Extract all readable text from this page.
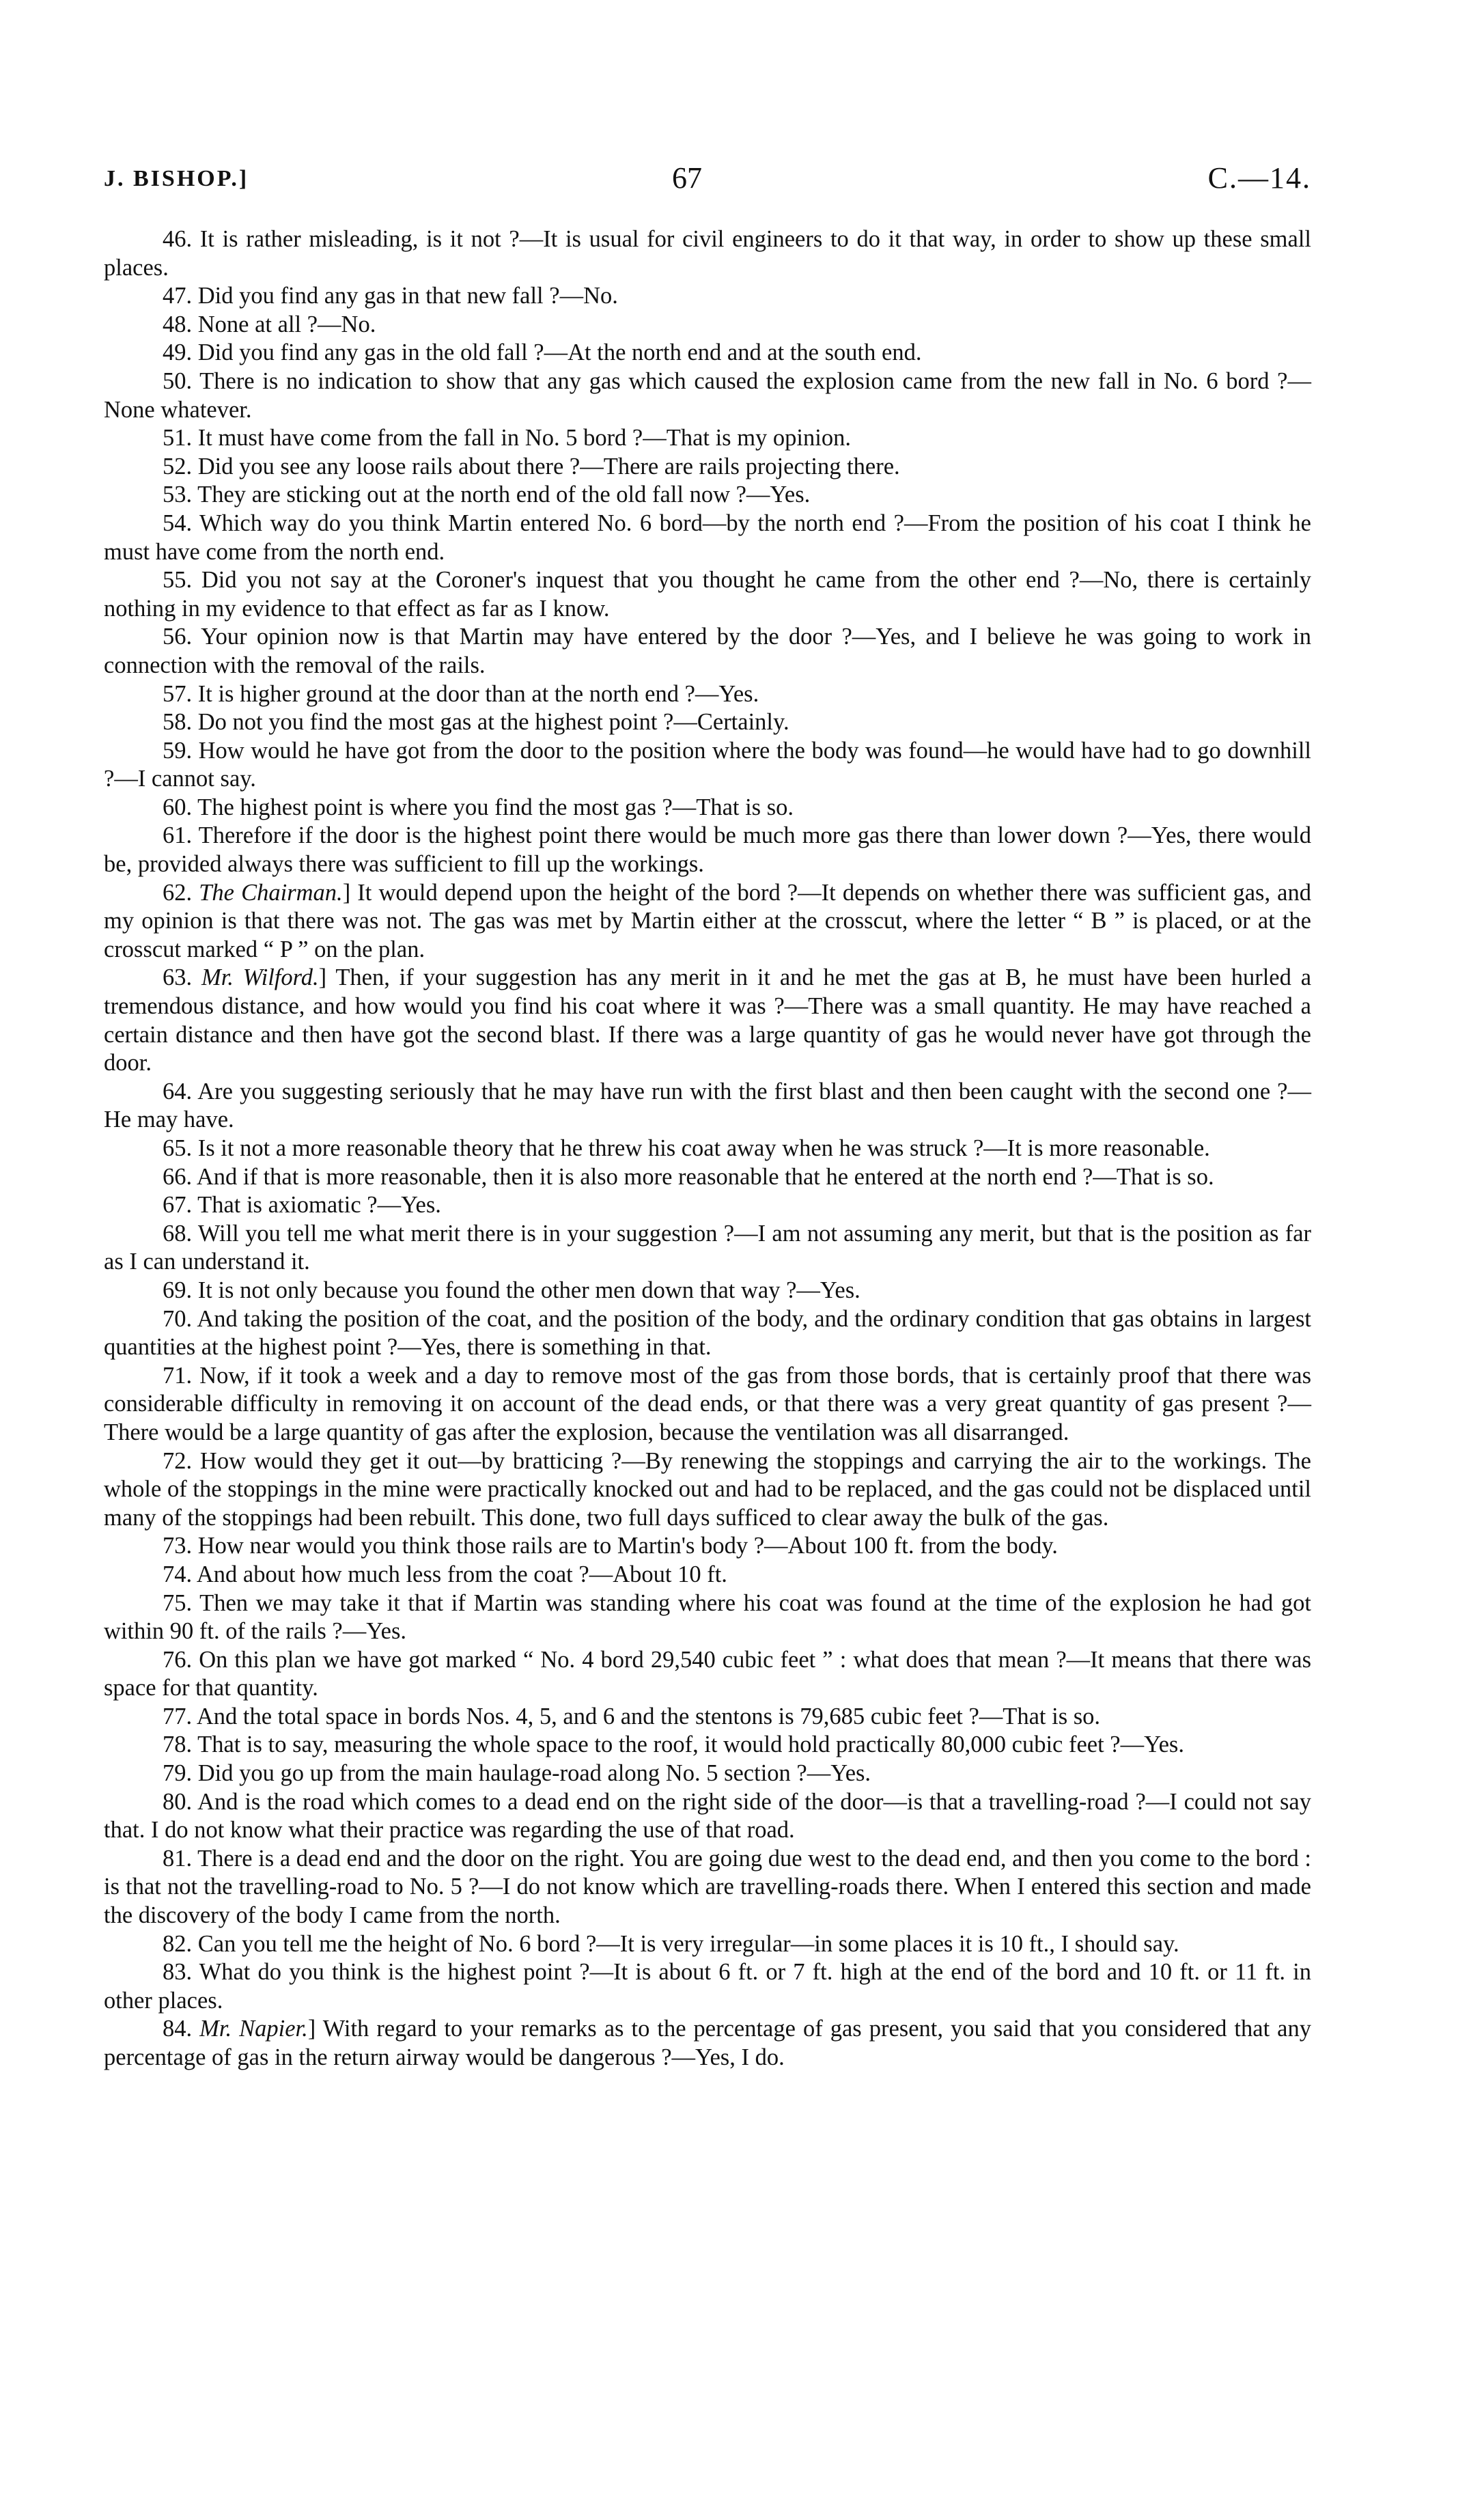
J. BISHOP.]	67	C.—14.

46. It is rather misleading, is it not ?—It is usual for civil engineers to do it that way, in order to show up these small places.

47. Did you find any gas in that new fall ?—No.

48. None at all ?—No.

49. Did you find any gas in the old fall ?—At the north end and at the south end.

50. There is no indication to show that any gas which caused the explosion came from the new fall in No. 6 bord ?—None whatever.

51. It must have come from the fall in No. 5 bord ?—That is my opinion.

52. Did you see any loose rails about there ?—There are rails projecting there.

53. They are sticking out at the north end of the old fall now ?—Yes.

54. Which way do you think Martin entered No. 6 bord—by the north end ?—From the position of his coat I think he must have come from the north end.

55. Did you not say at the Coroner's inquest that you thought he came from the other end ?—No, there is certainly nothing in my evidence to that effect as far as I know.

56. Your opinion now is that Martin may have entered by the door ?—Yes, and I believe he was going to work in connection with the removal of the rails.

57. It is higher ground at the door than at the north end ?—Yes.

58. Do not you find the most gas at the highest point ?—Certainly.

59. How would he have got from the door to the position where the body was found—he would have had to go downhill ?—I cannot say.

60. The highest point is where you find the most gas ?—That is so.

61. Therefore if the door is the highest point there would be much more gas there than lower down ?—Yes, there would be, provided always there was sufficient to fill up the workings.

62. The Chairman.] It would depend upon the height of the bord ?—It depends on whether there was sufficient gas, and my opinion is that there was not. The gas was met by Martin either at the crosscut, where the letter “ B ” is placed, or at the crosscut marked “ P ” on the plan.

63. Mr. Wilford.] Then, if your suggestion has any merit in it and he met the gas at B, he must have been hurled a tremendous distance, and how would you find his coat where it was ?—There was a small quantity. He may have reached a certain distance and then have got the second blast. If there was a large quantity of gas he would never have got through the door.

64. Are you suggesting seriously that he may have run with the first blast and then been caught with the second one ?—He may have.

65. Is it not a more reasonable theory that he threw his coat away when he was struck ?—It is more reasonable.

66. And if that is more reasonable, then it is also more reasonable that he entered at the north end ?—That is so.

67. That is axiomatic ?—Yes.

68. Will you tell me what merit there is in your suggestion ?—I am not assuming any merit, but that is the position as far as I can understand it.

69. It is not only because you found the other men down that way ?—Yes.

70. And taking the position of the coat, and the position of the body, and the ordinary condition that gas obtains in largest quantities at the highest point ?—Yes, there is something in that.

71. Now, if it took a week and a day to remove most of the gas from those bords, that is certainly proof that there was considerable difficulty in removing it on account of the dead ends, or that there was a very great quantity of gas present ?—There would be a large quantity of gas after the explosion, because the ventilation was all disarranged.

72. How would they get it out—by bratticing ?—By renewing the stoppings and carrying the air to the workings. The whole of the stoppings in the mine were practically knocked out and had to be replaced, and the gas could not be displaced until many of the stoppings had been rebuilt. This done, two full days sufficed to clear away the bulk of the gas.

73. How near would you think those rails are to Martin's body ?—About 100 ft. from the body.

74. And about how much less from the coat ?—About 10 ft.

75. Then we may take it that if Martin was standing where his coat was found at the time of the explosion he had got within 90 ft. of the rails ?—Yes.

76. On this plan we have got marked “ No. 4 bord 29,540 cubic feet ” : what does that mean ?—It means that there was space for that quantity.

77. And the total space in bords Nos. 4, 5, and 6 and the stentons is 79,685 cubic feet ?—That is so.

78. That is to say, measuring the whole space to the roof, it would hold practically 80,000 cubic feet ?—Yes.

79. Did you go up from the main haulage-road along No. 5 section ?—Yes.

80. And is the road which comes to a dead end on the right side of the door—is that a travelling-road ?—I could not say that. I do not know what their practice was regarding the use of that road.

81. There is a dead end and the door on the right. You are going due west to the dead end, and then you come to the bord : is that not the travelling-road to No. 5 ?—I do not know which are travelling-roads there. When I entered this section and made the discovery of the body I came from the north.

82. Can you tell me the height of No. 6 bord ?—It is very irregular—in some places it is 10 ft., I should say.

83. What do you think is the highest point ?—It is about 6 ft. or 7 ft. high at the end of the bord and 10 ft. or 11 ft. in other places.

84. Mr. Napier.] With regard to your remarks as to the percentage of gas present, you said that you considered that any percentage of gas in the return airway would be dangerous ?—Yes, I do.
